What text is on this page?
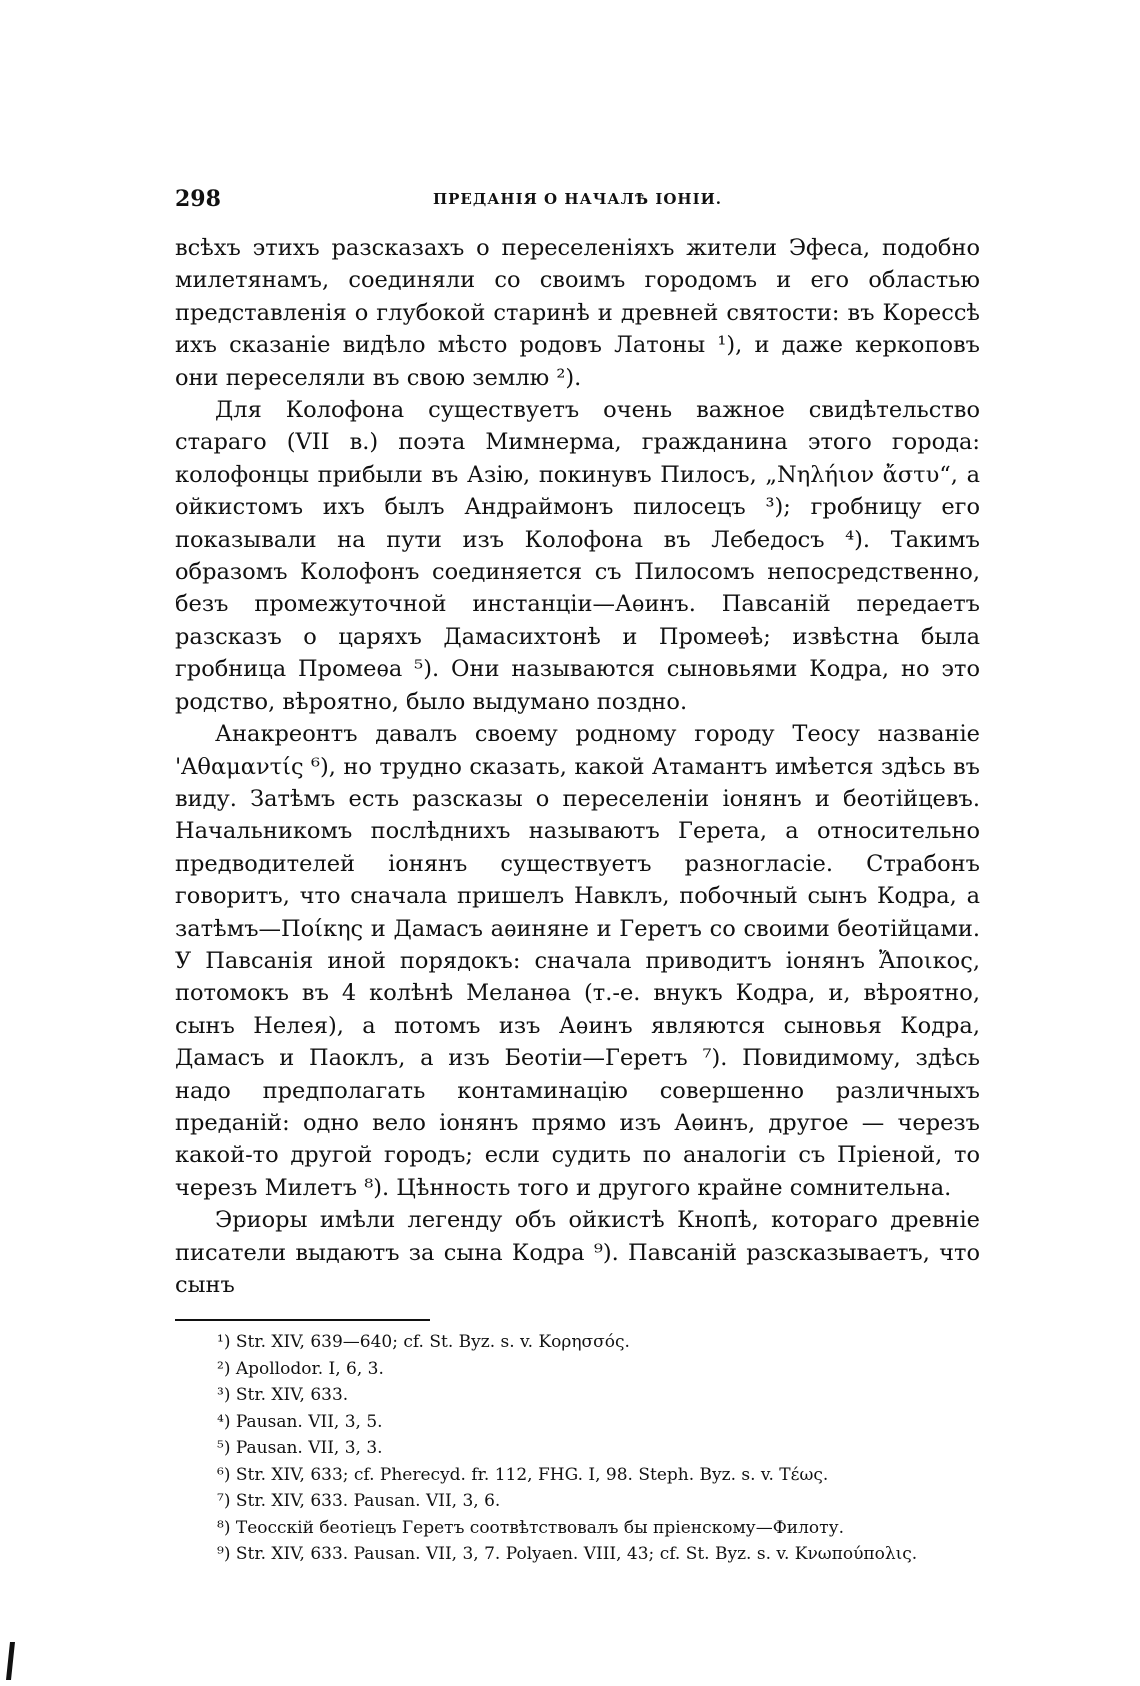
298	ПРЕДАНІЯ О НАЧАЛѢ ІОНІИ.

всѣхъ этихъ разсказахъ о переселеніяхъ жители Эфеса, подобно милетянамъ, соединяли со своимъ городомъ и его областью представленія о глубокой старинѣ и древней святости: въ Корессѣ ихъ сказаніе видѣло мѣсто родовъ Латоны ¹), и даже керкоповъ они переселяли въ свою землю ²).

Для Колофона существуетъ очень важное свидѣтельство стараго (VII в.) поэта Мимнерма, гражданина этого города: колофонцы прибыли въ Азію, покинувъ Пилосъ, „Νηλήιον ἄστυ“, а ойкистомъ ихъ былъ Андраймонъ пилосецъ ³); гробницу его показывали на пути изъ Колофона въ Лебедосъ ⁴). Такимъ образомъ Колофонъ соединяется съ Пилосомъ непосредственно, безъ промежуточной инстанціи—Аѳинъ. Павсаній передаетъ разсказъ о царяхъ Дамасихтонѣ и Промеѳѣ; извѣстна была гробница Промеѳа ⁵). Они называются сыновьями Кодра, но это родство, вѣроятно, было выдумано поздно.

Анакреонтъ давалъ своему родному городу Теосу названіе 'Αθαμαντίς ⁶), но трудно сказать, какой Атамантъ имѣется здѣсь въ виду. Затѣмъ есть разсказы о переселеніи іонянъ и беотійцевъ. Начальникомъ послѣднихъ называютъ Герета, а относительно предводителей іонянъ существуетъ разногласіе. Страбонъ говоритъ, что сначала пришелъ Навклъ, побочный сынъ Кодра, а затѣмъ—Ποίκης и Дамасъ аѳиняне и Гeретъ со своими беотійцами. У Павсанія иной порядокъ: сначала приводитъ іонянъ Ἄποικος, потомокъ въ 4 колѣнѣ Меланѳа (т.-е. внукъ Кодра, и, вѣроятно, сынъ Нелея), а потомъ изъ Аѳинъ являются сыновья Кодра, Дамасъ и Паоклъ, а изъ Беотіи—Гeретъ ⁷). Повидимому, здѣсь надо предполагать контаминацію совершенно различныхъ преданій: одно вело іонянъ прямо изъ Аѳинъ, другое — черезъ какой-то другой городъ; если судить по аналогіи съ Пріеной, то черезъ Милетъ ⁸). Цѣнность того и другого крайне сомнительна.

Эриоры имѣли легенду объ ойкистѣ Кнопѣ, котораго древніе писатели выдаютъ за сына Кодра ⁹). Павсаній разсказываетъ, что сынъ

¹) Str. XIV, 639—640; cf. St. Byz. s. v. Κορησσός.

²) Apollodor. I, 6, 3.

³) Str. XIV, 633.

⁴) Pausan. VII, 3, 5.

⁵) Pausan. VII, 3, 3.

⁶) Str. XIV, 633; cf. Pherecyd. fr. 112, FHG. I, 98. Steph. Byz. s. v. Τέως.

⁷) Str. XIV, 633. Pausan. VII, 3, 6.

⁸) Теосскій беотіецъ Гeретъ соотвѣтствовалъ бы пріенскому—Филоту.

⁹) Str. XIV, 633. Pausan. VII, 3, 7. Polyaen. VIII, 43; cf. St. Byz. s. v. Κνωπούπολις.
